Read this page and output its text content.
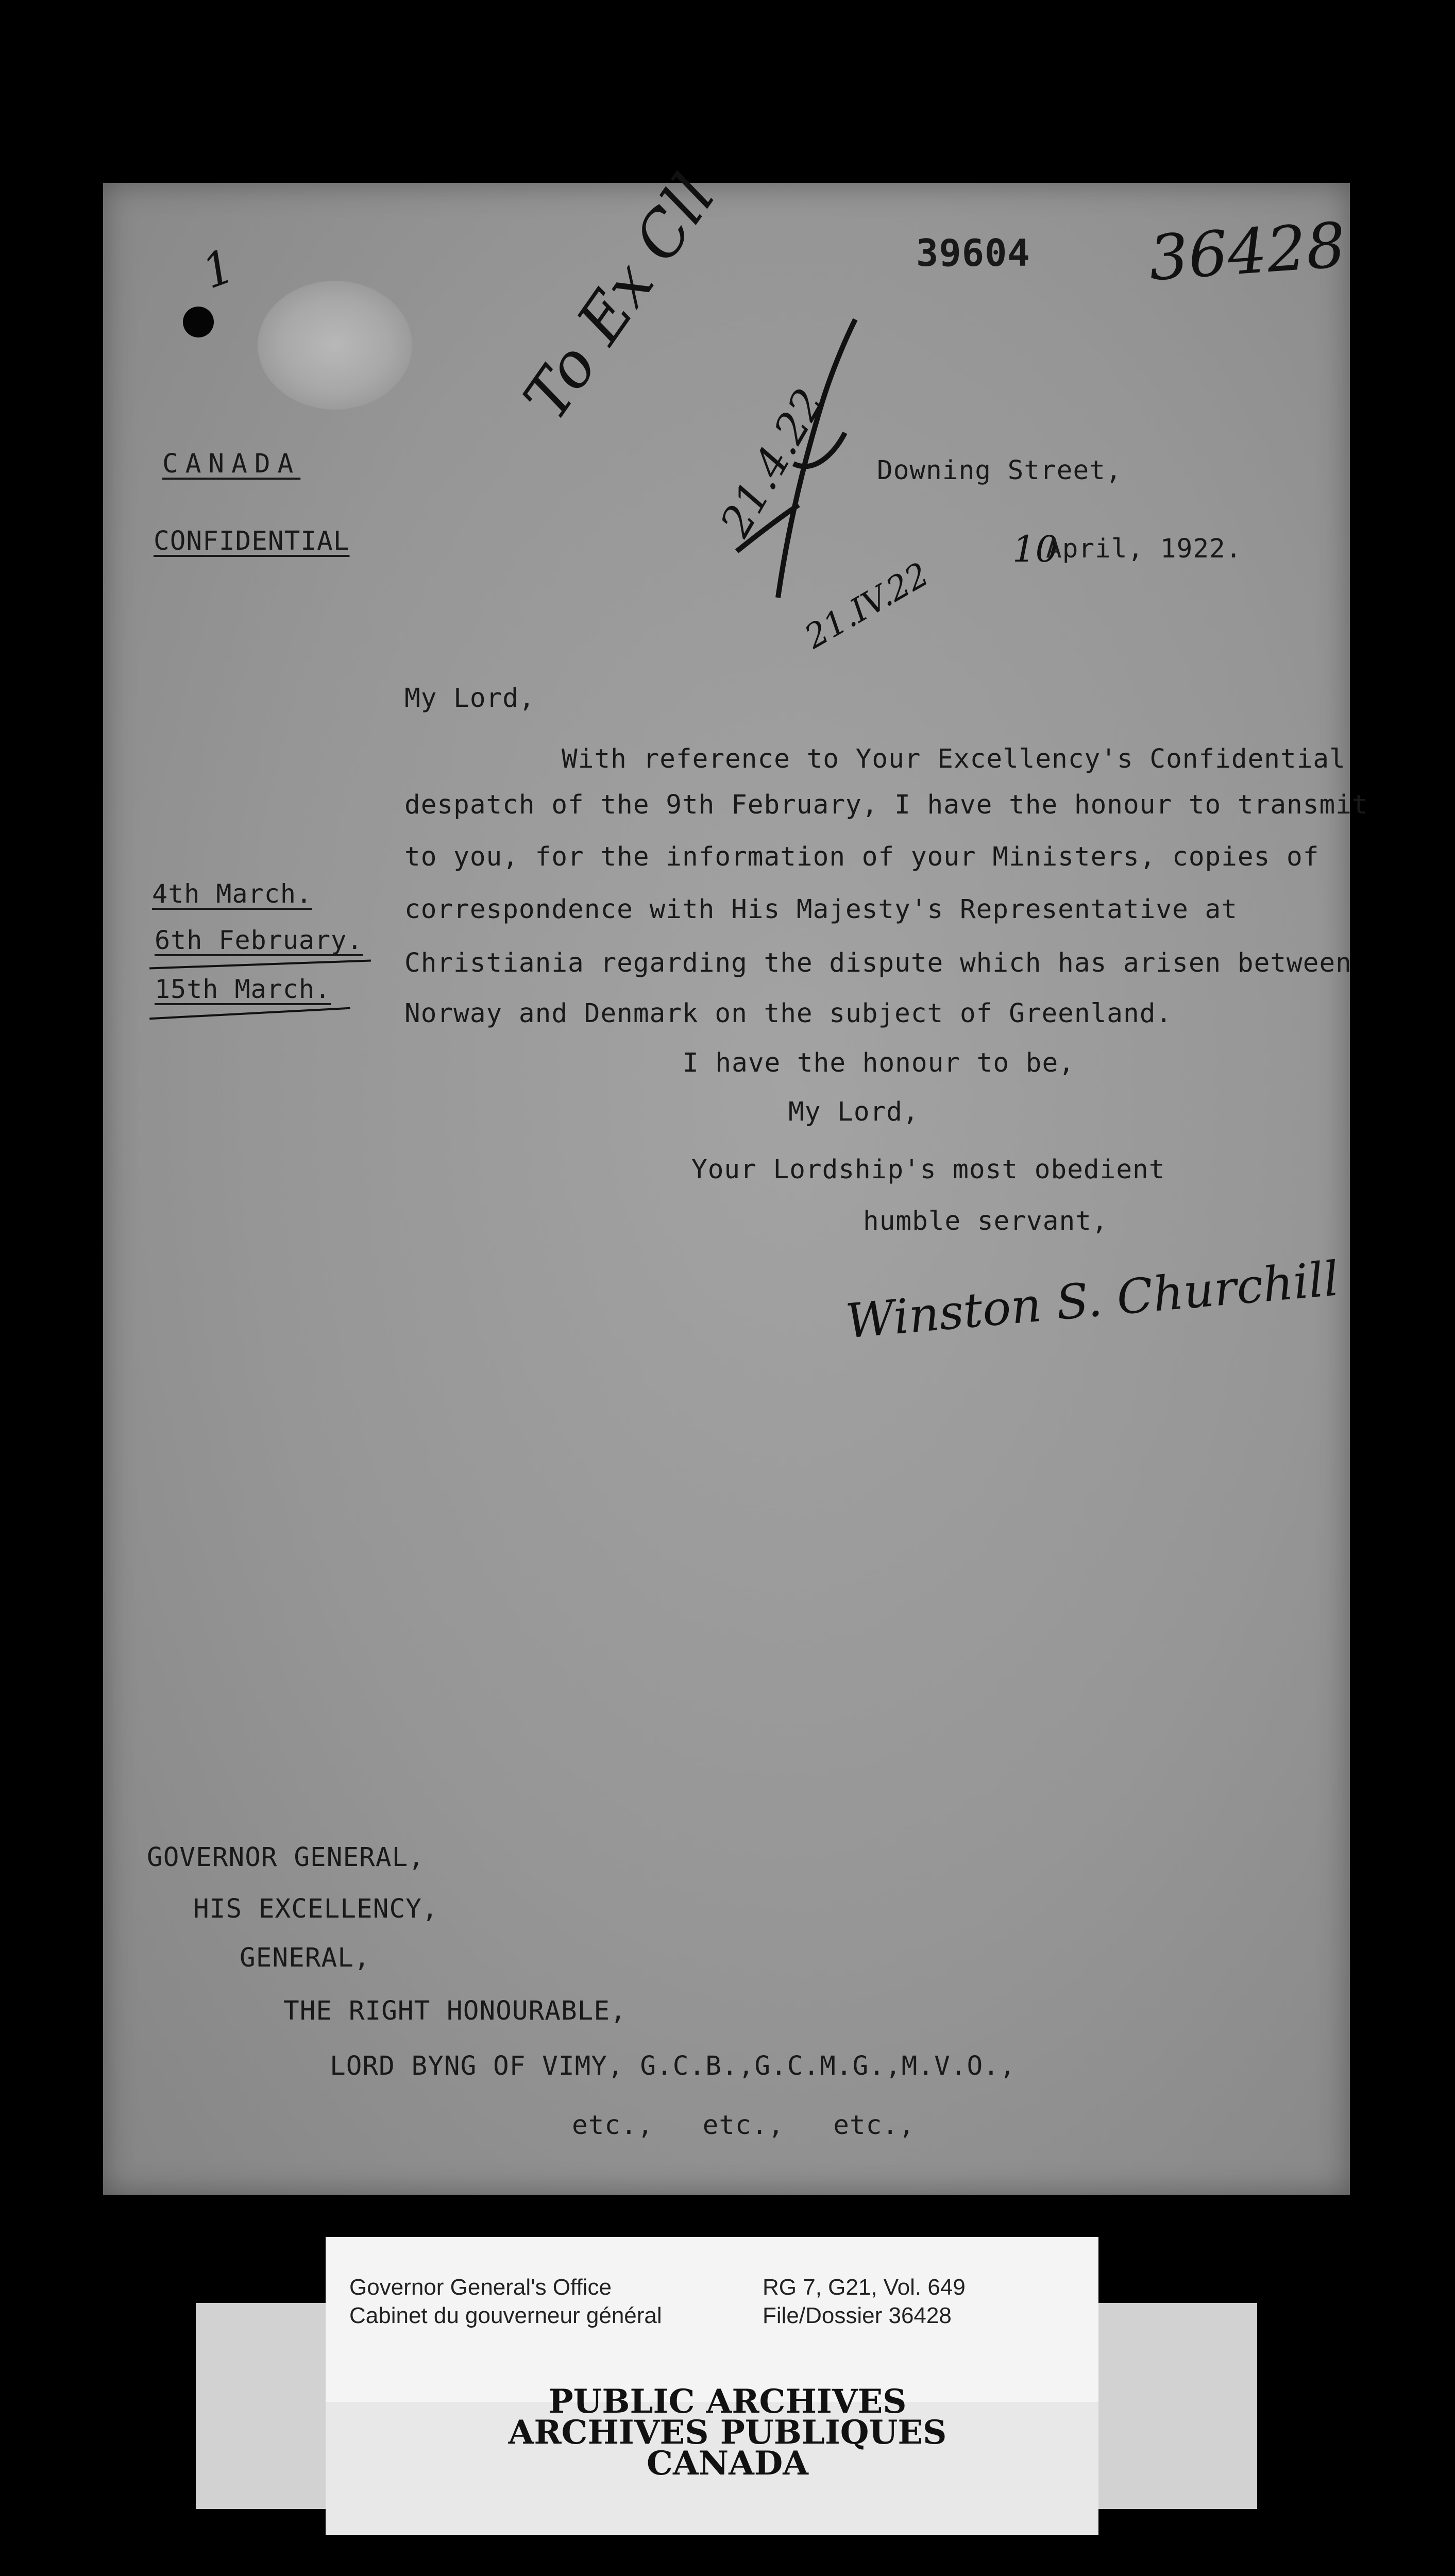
1	39604 36428
To Ex Cll
21.4.22
21.IV.22
CANADA
CONFIDENTIAL
Downing Street,
10
April, 1922.
My Lord,
With reference to Your Excellency's Confidential
despatch of the 9th February, I have the honour to transmit
to you, for the information of your Ministers, copies of
correspondence with His Majesty's Representative at
Christiania regarding the dispute which has arisen between
Norway and Denmark on the subject of Greenland.
4th March.
6th February.
15th March.
I have the honour to be,
My Lord,
Your Lordship's most obedient
humble servant,
Winston S. Churchill
GOVERNOR GENERAL,
HIS EXCELLENCY,
GENERAL,
THE RIGHT HONOURABLE,
LORD BYNG OF VIMY, G.C.B.,G.C.M.G.,M.V.O.,
etc.,   etc.,   etc.,
Governor General's Office
Cabinet du gouverneur général
RG 7, G21, Vol. 649
File/Dossier 36428
PUBLIC ARCHIVES
ARCHIVES PUBLIQUES
CANADA
